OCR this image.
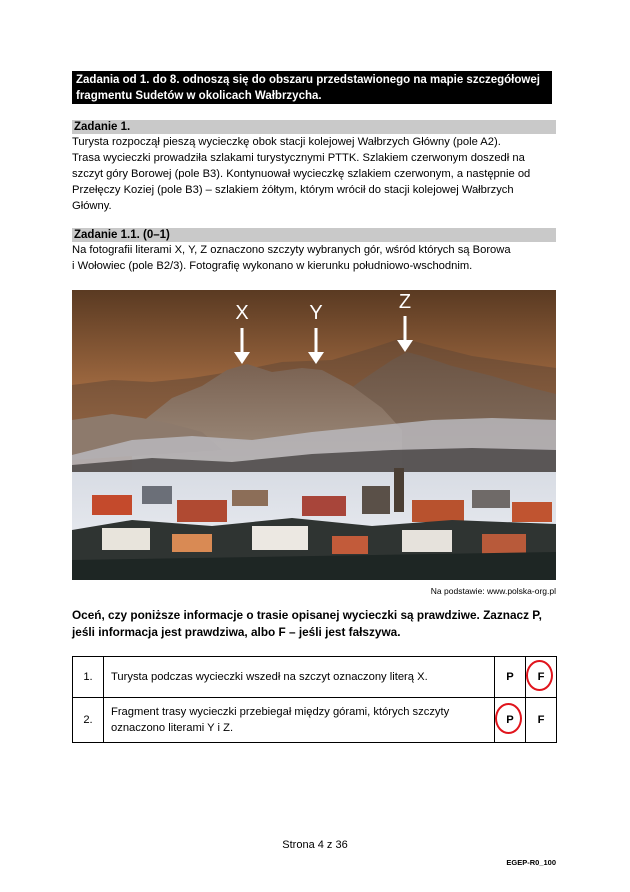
Zadania od 1. do 8. odnoszą się do obszaru przedstawionego na mapie szczegółowej
fragmentu Sudetów w okolicach Wałbrzycha.
Zadanie 1.

Turysta rozpoczął pieszą wycieczkę obok stacji kolejowej Wałbrzych Główny (pole A2).
Trasa wycieczki prowadziła szlakami turystycznymi PTTK. Szlakiem czerwonym doszedł na
szczyt góry Borowej (pole B3). Kontynuował wycieczkę szlakiem czerwonym, a następnie od
Przełęczy Koziej (pole B3) – szlakiem żółtym, którym wrócił do stacji kolejowej Wałbrzych
Główny.

Zadanie 1.1. (0–1)

Na fotografii literami X, Y, Z oznaczono szczyty wybranych gór, wśród których są Borowa
i Wołowiec (pole B2/3). Fotografię wykonano w kierunku południowo-wschodnim.

X	Y	Z
Na podstawie: www.polska-org.pl

Oceń, czy poniższe informacje o trasie opisanej wycieczki są prawdziwe. Zaznacz P,
jeśli informacja jest prawdziwa, albo F – jeśli jest fałszywa.

1.	Turysta podczas wycieczki wszedł na szczyt oznaczony literą X.	P	F
2.	Fragment trasy wycieczki przebiegał między górami, których szczyty
oznaczono literami Y i Z.	P	F
Strona 4 z 36
EGEP-R0_100
